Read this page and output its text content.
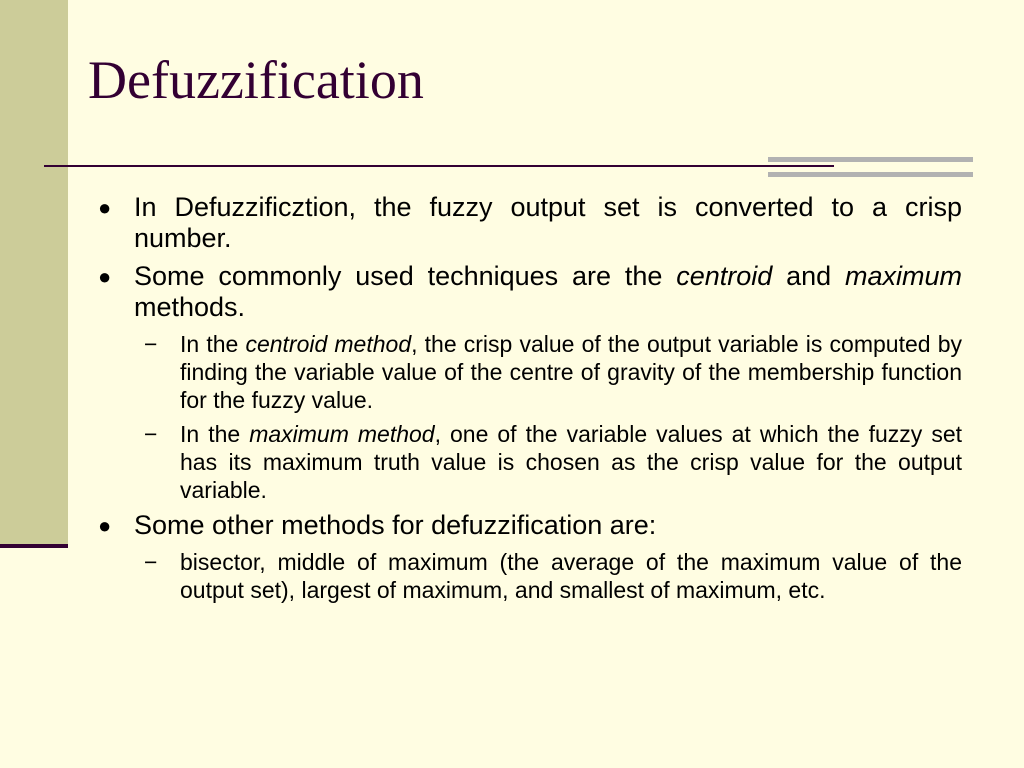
Defuzzification
● In Defuzzificztion, the fuzzy output set is converted to a crisp number.
● Some commonly used techniques are the centroid and maximum methods.
− In the centroid method, the crisp value of the output variable is computed by finding the variable value of the centre of gravity of the membership function for the fuzzy value.
− In the maximum method, one of the variable values at which the fuzzy set has its maximum truth value is chosen as the crisp value for the output variable.
● Some other methods for defuzzification are:
− bisector, middle of maximum (the average of the maximum value of the output set), largest of maximum, and smallest of maximum, etc.
